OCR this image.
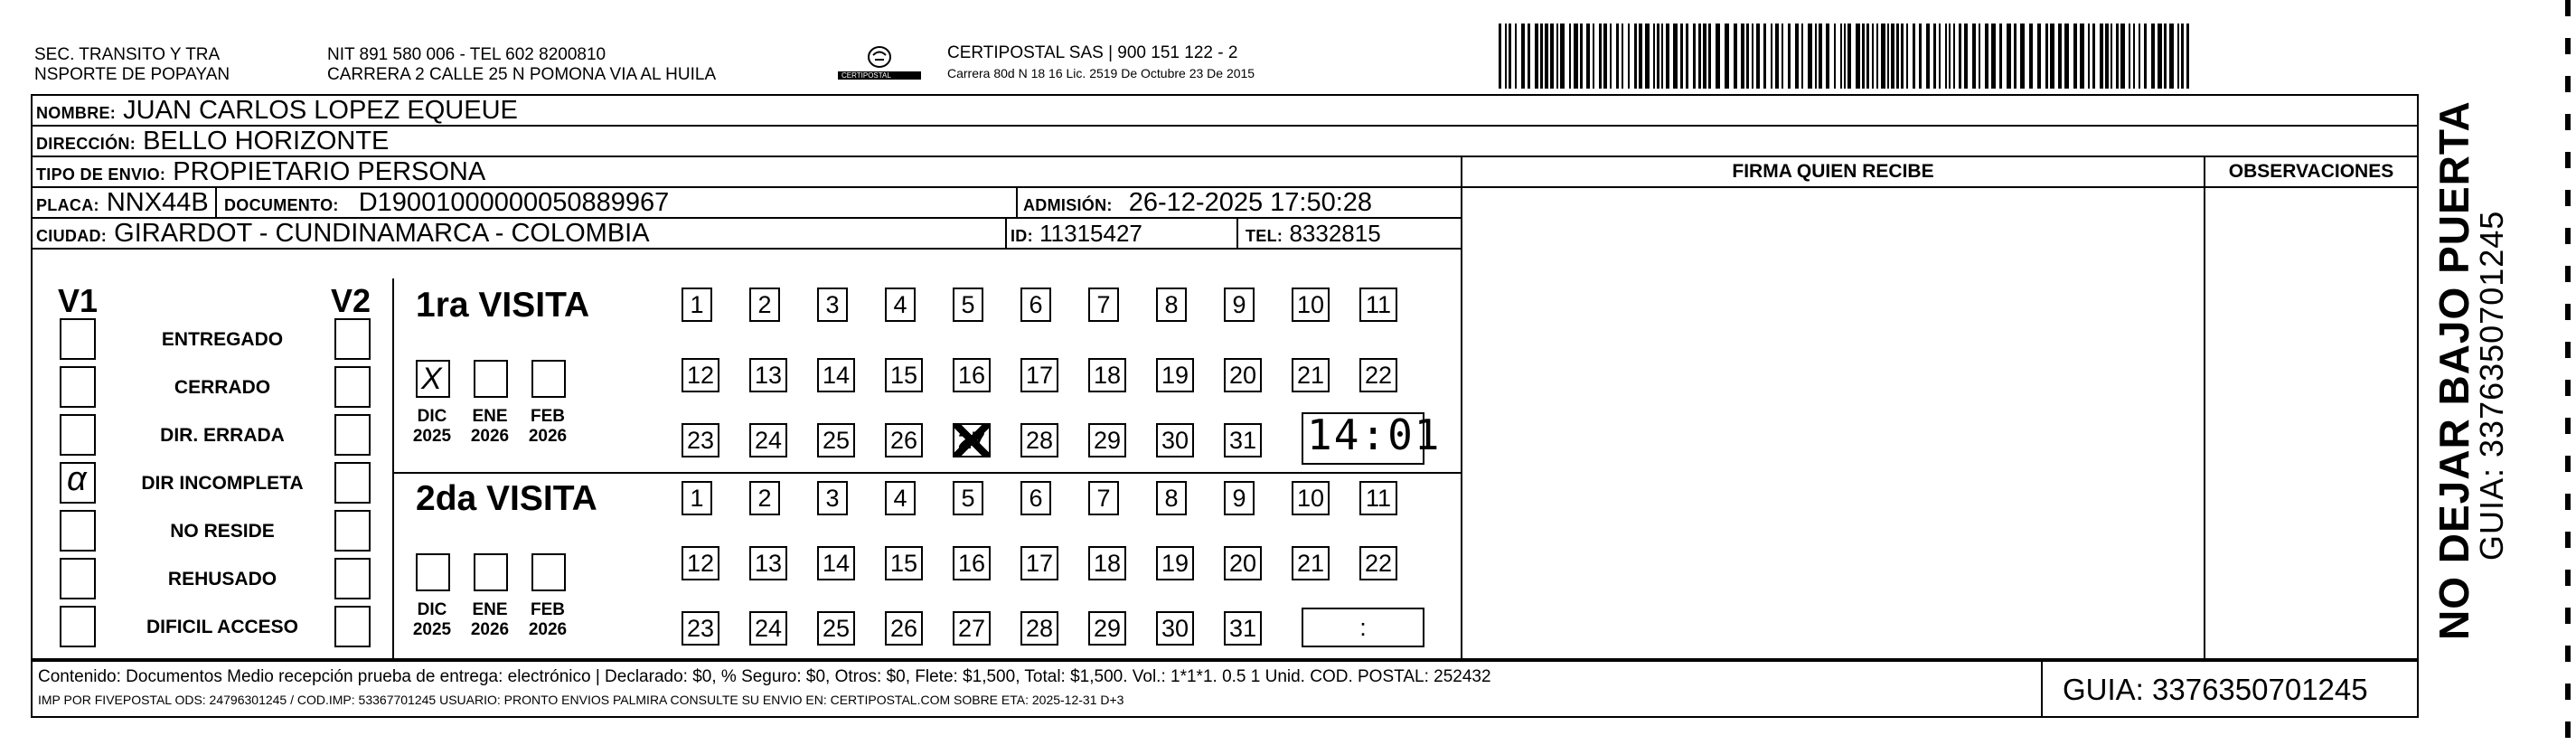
SEC. TRANSITO Y TRA
NSPORTE DE POPAYAN
NIT 891 580 006 - TEL 602 8200810
CARRERA 2 CALLE 25 N POMONA VIA AL HUILA	CERTIPOSTAL
CERTIPOSTAL SAS | 900 151 122 - 2
Carrera 80d N 18 16 Lic. 2519 De Octubre 23 De 2015
NOMBRE: JUAN CARLOS LOPEZ EQUEUE
DIRECCIÓN: BELLO HORIZONTE
TIPO DE ENVIO: PROPIETARIO PERSONA
PLACA: NNX44B DOCUMENTO: D19001000000050889967	ADMISIÓN: 26-12-2025 17:50:28
CIUDAD: GIRARDOT - CUNDINAMARCA - COLOMBIA	ID: 11315427	TEL: 8332815
FIRMA QUIEN RECIBE	OBSERVACIONES
V1	V2
ENTREGADO
CERRADO
DIR. ERRADA
α	DIR INCOMPLETA
NO RESIDE
REHUSADO
DIFICIL ACCESO
1ra VISITA
X
DIC
2025
ENE
2026
FEB
2026
1	2	3	4	5	6	7	8	9	10 11
12 13 14 15 16 17 18 19 20 21 22
23 24 25 26 27 28 29 30 31 14:01
2da VISITA
DIC
2025
ENE
2026
FEB
2026
1	2	3	4	5	6	7	8	9	10 11
12 13 14 15 16 17 18 19 20 21 22
23 24 25 26 27 28 29 30 31	:
Contenido: Documentos Medio recepción prueba de entrega: electrónico | Declarado: $0, % Seguro: $0, Otros: $0, Flete: $1,500, Total: $1,500. Vol.: 1*1*1. 0.5 1 Unid. COD. POSTAL: 252432
IMP POR FIVEPOSTAL ODS: 24796301245 / COD.IMP: 53367701245 USUARIO: PRONTO ENVIOS PALMIRA CONSULTE SU ENVIO EN: CERTIPOSTAL.COM SOBRE ETA: 2025-12-31 D+3	GUIA: 3376350701245
NO DEJAR BAJO PUERTA
GUIA: 3376350701245
